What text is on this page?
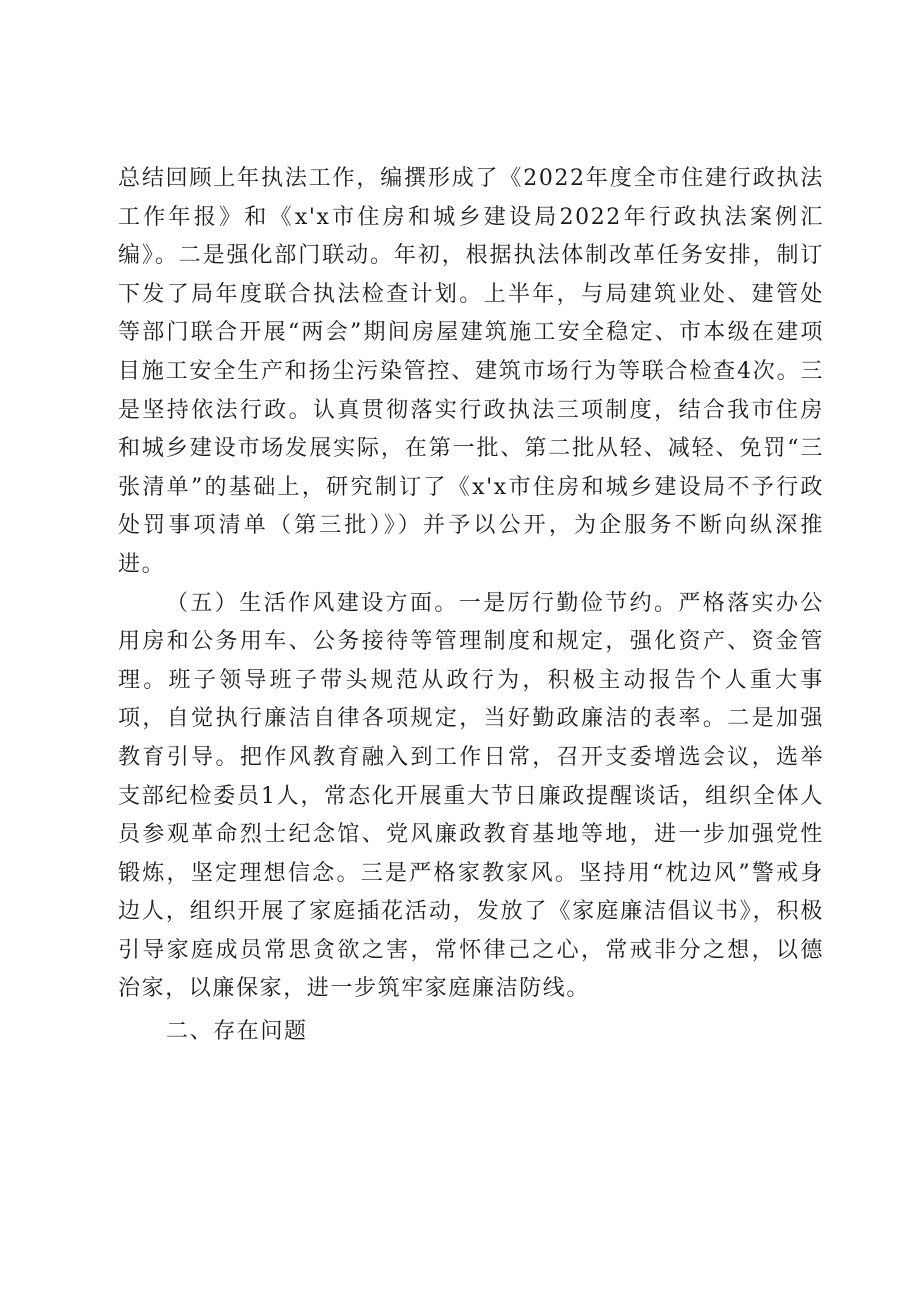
总结回顾上年执法工作，编撰形成了《2022年度全市住建行政执法工作年报》和《x'x市住房和城乡建设局2022年行政执法案例汇编》。二是强化部门联动。年初，根据执法体制改革任务安排，制订下发了局年度联合执法检查计划。上半年，与局建筑业处、建管处等部门联合开展“两会”期间房屋建筑施工安全稳定、市本级在建项目施工安全生产和扬尘污染管控、建筑市场行为等联合检查4次。三是坚持依法行政。认真贯彻落实行政执法三项制度，结合我市住房和城乡建设市场发展实际，在第一批、第二批从轻、减轻、免罚“三张清单”的基础上，研究制订了《x'x市住房和城乡建设局不予行政处罚事项清单（第三批）》）并予以公开，为企服务不断向纵深推进。

（五）生活作风建设方面。一是厉行勤俭节约。严格落实办公用房和公务用车、公务接待等管理制度和规定，强化资产、资金管理。班子领导班子带头规范从政行为，积极主动报告个人重大事项，自觉执行廉洁自律各项规定，当好勤政廉洁的表率。二是加强教育引导。把作风教育融入到工作日常，召开支委增选会议，选举支部纪检委员1人，常态化开展重大节日廉政提醒谈话，组织全体人员参观革命烈士纪念馆、党风廉政教育基地等地，进一步加强党性锻炼，坚定理想信念。三是严格家教家风。坚持用“枕边风”警戒身边人，组织开展了家庭插花活动，发放了《家庭廉洁倡议书》，积极引导家庭成员常思贪欲之害，常怀律己之心，常戒非分之想，以德治家，以廉保家，进一步筑牢家庭廉洁防线。

二、存在问题
